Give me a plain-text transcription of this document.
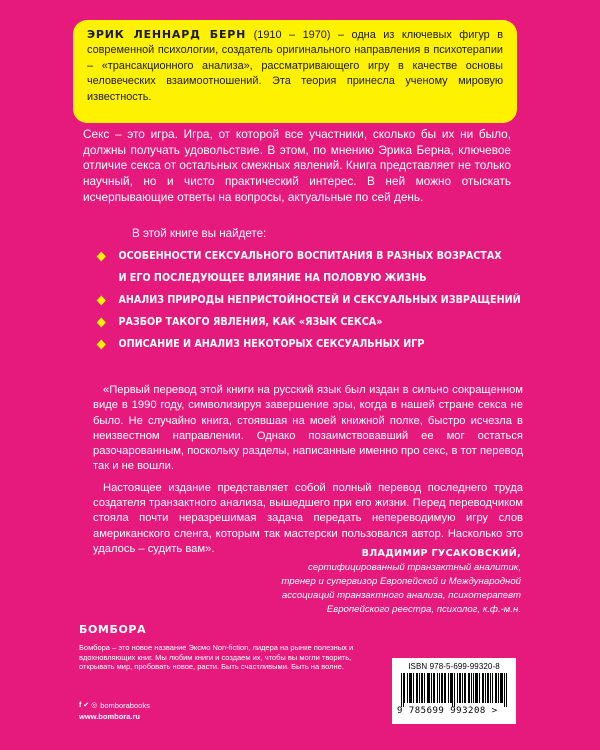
ЭРИК ЛЕННАРД БЕРН (1910 – 1970) – одна из ключевых фигур в современной психологии, создатель оригинального направления в психотерапии – «трансакционного анализа», рассматривающего игру в качестве основы человеческих взаимоотношений. Эта теория принесла ученому мировую известность.

Секс – это игра. Игра, от которой все участники, сколько бы их ни было, должны получать удовольствие. В этом, по мнению Эрика Берна, ключевое отличие секса от остальных смежных явлений. Книга представляет не только научный, но и чисто практический интерес. В ней можно отыскать исчерпывающие ответы на вопросы, актуальные по сей день.

В этой книге вы найдете:
ОСОБЕННОСТИ СЕКСУАЛЬНОГО ВОСПИТАНИЯ В РАЗНЫХ ВОЗРАСТАХ
И ЕГО ПОСЛЕДУЮЩЕЕ ВЛИЯНИЕ НА ПОЛОВУЮ ЖИЗНЬ
АНАЛИЗ ПРИРОДЫ НЕПРИСТОЙНОСТЕЙ И СЕКСУАЛЬНЫХ ИЗВРАЩЕНИЙ
РАЗБОР ТАКОГО ЯВЛЕНИЯ, КАК «ЯЗЫК СЕКСА»
ОПИСАНИЕ И АНАЛИЗ НЕКОТОРЫХ СЕКСУАЛЬНЫХ ИГР

«Первый перевод этой книги на русский язык был издан в сильно сокращенном виде в 1990 году, символизируя завершение эры, когда в нашей стране секса не было. Не случайно книга, стоявшая на моей книжной полке, быстро исчезла в неизвестном направлении. Однако позаимствовавший ее мог остаться разочарованным, поскольку разделы, написанные именно про секс, в тот перевод так и не вошли.

Настоящее издание представляет собой полный перевод последнего труда создателя транзактного анализа, вышедшего при его жизни. Перед переводчиком стояла почти неразрешимая задача передать непереводимую игру слов американского сленга, которым так мастерски пользовался автор. Насколько это удалось – судить вам».	ВЛАДИМИР ГУСАКОВСКИЙ,
сертифицированный транзактный аналитик,
тренер и супервизор Европейской и Международной
ассоциаций транзактного анализа, психотерапевт
Европейского реестра, психолог, к.ф.-м.н.
БОМБОРА

Бомбора – это новое название Эксмо Non-fiction, лидера на рынке полезных и вдохновляющих книг. Мы любим книги и создаем их, чтобы вы могли творить, открывать мир, пробовать новое, расти. Быть счастливыми. Быть на волне.

f ✔ ◎ bomborabooks
www.bombora.ru
ISBN 978-5-699-99320-8
9 785699 993208 >
